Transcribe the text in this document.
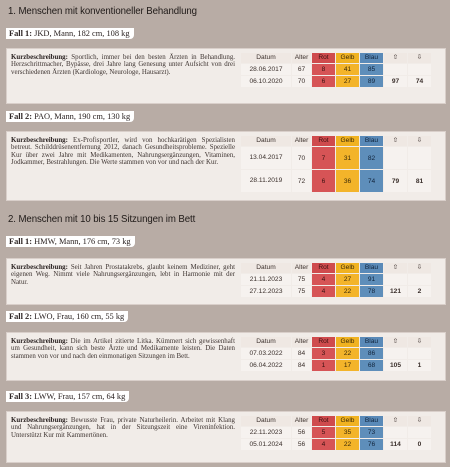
1. Menschen mit konventioneller Behandlung
Fall 1: JKD, Mann, 182 cm, 108 kg
Kurzbeschreibung: Sportlich, immer bei den besten Ärzten in Behandlung. Herzschrittmacher, Bypässe, drei Jahre lang Genesung unter Aufsicht von drei verschiedenen Ärzten (Kardiologe, Neurologe, Hausarzt).
Datum	Alter	Rot	Gelb	Blau	⇧	⇩
28.06.2017	67	8	41	85		
06.10.2020	70	6	27	89	97	74
Fall 2: PAO, Mann, 190 cm, 130 kg
Kurzbeschreibung: Ex-Profisportler, wird von hochkarätigen Spezialisten betreut. Schilddrüsenentfernung 2012, danach Gesundheitsprobleme. Spezielle Kur über zwei Jahre mit Medikamenten, Nahrungsergänzungen, Vitaminen, Jodkammer, Bestrahlungen. Die Werte stammen von vor und nach der Kur.
Datum	Alter	Rot	Gelb	Blau	⇧	⇩
13.04.2017	70	7	31	82		
28.11.2019	72	6	36	74	79	81
2. Menschen mit 10 bis 15 Sitzungen im Bett
Fall 1: HMW, Mann, 176 cm, 73 kg
Kurzbeschreibung: Seit Jahren Prostatakrebs, glaubt keinem Mediziner, geht eigenen Weg. Nimmt viele Nahrungsergänzungen, lebt in Harmonie mit der Natur.
Datum	Alter	Rot	Gelb	Blau	⇧	⇩
21.11.2023	75	4	27	91		
27.12.2023	75	4	22	78	121	2
Fall 2: LWO, Frau, 160 cm, 55 kg
Kurzbeschreibung: Die im Artikel zitierte Litka. Kümmert sich gewissenhaft um Gesundheit, kann sich beste Ärzte und Medikamente leisten. Die Daten stammen von vor und nach den einmonatigen Sitzungen im Bett.
Datum	Alter	Rot	Gelb	Blau	⇧	⇩
07.03.2022	84	3	22	86		
06.04.2022	84	1	17	68	105	1
Fall 3: LWW, Frau, 157 cm, 64 kg
Kurzbeschreibung: Bewusste Frau, private Naturheilerin. Arbeitet mit Klang und Nahrungsergänzungen, hat in der Sitzungszeit eine Vireninfektion. Unterstützt Kur mit Kammertönen.
Datum	Alter	Rot	Gelb	Blau	⇧	⇩
22.11.2023	56	5	35	73		
05.01.2024	56	4	22	76	114	0
